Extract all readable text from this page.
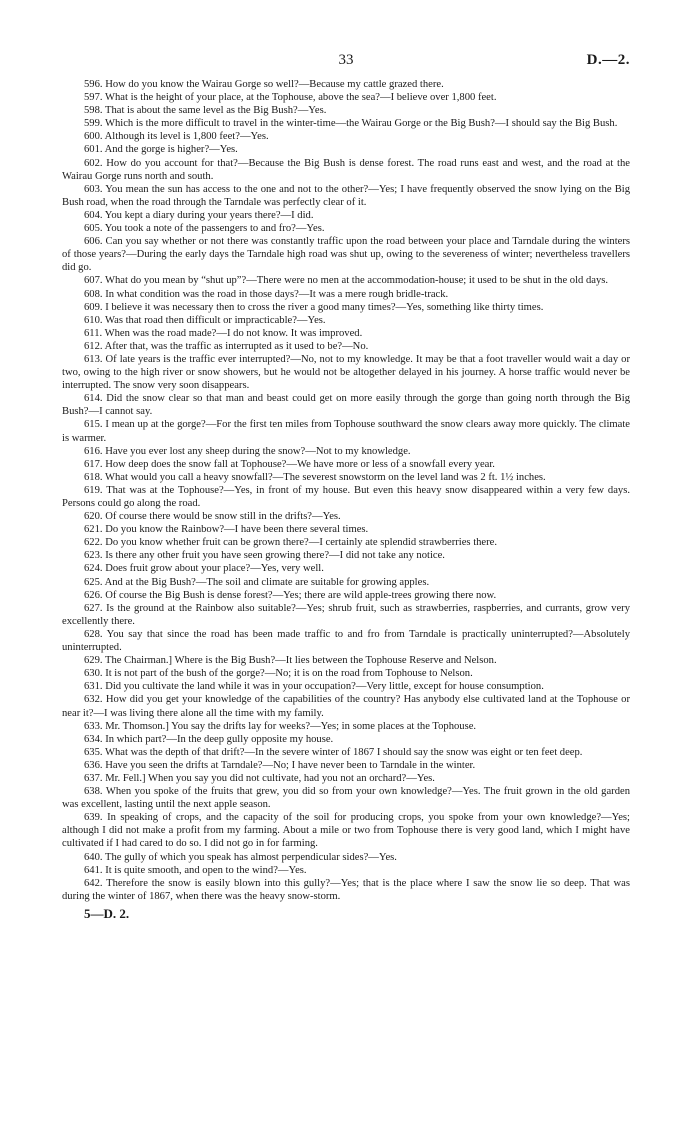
33	D.—2.

596. How do you know the Wairau Gorge so well?—Because my cattle grazed there.

597. What is the height of your place, at the Tophouse, above the sea?—I believe over 1,800 feet.

598. That is about the same level as the Big Bush?—Yes.

599. Which is the more difficult to travel in the winter-time—the Wairau Gorge or the Big Bush?—I should say the Big Bush.

600. Although its level is 1,800 feet?—Yes.

601. And the gorge is higher?—Yes.

602. How do you account for that?—Because the Big Bush is dense forest. The road runs east and west, and the road at the Wairau Gorge runs north and south.

603. You mean the sun has access to the one and not to the other?—Yes; I have frequently observed the snow lying on the Big Bush road, when the road through the Tarndale was perfectly clear of it.

604. You kept a diary during your years there?—I did.

605. You took a note of the passengers to and fro?—Yes.

606. Can you say whether or not there was constantly traffic upon the road between your place and Tarndale during the winters of those years?—During the early days the Tarndale high road was shut up, owing to the severeness of winter; nevertheless travellers did go.

607. What do you mean by “shut up”?—There were no men at the accommodation-house; it used to be shut in the old days.

608. In what condition was the road in those days?—It was a mere rough bridle-track.

609. I believe it was necessary then to cross the river a good many times?—Yes, something like thirty times.

610. Was that road then difficult or impracticable?—Yes.

611. When was the road made?—I do not know. It was improved.

612. After that, was the traffic as interrupted as it used to be?—No.

613. Of late years is the traffic ever interrupted?—No, not to my knowledge. It may be that a foot traveller would wait a day or two, owing to the high river or snow showers, but he would not be altogether delayed in his journey. A horse traffic would never be interrupted. The snow very soon disappears.

614. Did the snow clear so that man and beast could get on more easily through the gorge than going north through the Big Bush?—I cannot say.

615. I mean up at the gorge?—For the first ten miles from Tophouse southward the snow clears away more quickly. The climate is warmer.

616. Have you ever lost any sheep during the snow?—Not to my knowledge.

617. How deep does the snow fall at Tophouse?—We have more or less of a snowfall every year.

618. What would you call a heavy snowfall?—The severest snowstorm on the level land was 2 ft. 1½ inches.

619. That was at the Tophouse?—Yes, in front of my house. But even this heavy snow disappeared within a very few days. Persons could go along the road.

620. Of course there would be snow still in the drifts?—Yes.

621. Do you know the Rainbow?—I have been there several times.

622. Do you know whether fruit can be grown there?—I certainly ate splendid strawberries there.

623. Is there any other fruit you have seen growing there?—I did not take any notice.

624. Does fruit grow about your place?—Yes, very well.

625. And at the Big Bush?—The soil and climate are suitable for growing apples.

626. Of course the Big Bush is dense forest?—Yes; there are wild apple-trees growing there now.

627. Is the ground at the Rainbow also suitable?—Yes; shrub fruit, such as strawberries, raspberries, and currants, grow very excellently there.

628. You say that since the road has been made traffic to and fro from Tarndale is practically uninterrupted?—Absolutely uninterrupted.

629. The Chairman.] Where is the Big Bush?—It lies between the Tophouse Reserve and Nelson.

630. It is not part of the bush of the gorge?—No; it is on the road from Tophouse to Nelson.

631. Did you cultivate the land while it was in your occupation?—Very little, except for house consumption.

632. How did you get your knowledge of the capabilities of the country? Has anybody else cultivated land at the Tophouse or near it?—I was living there alone all the time with my family.

633. Mr. Thomson.] You say the drifts lay for weeks?—Yes; in some places at the Tophouse.

634. In which part?—In the deep gully opposite my house.

635. What was the depth of that drift?—In the severe winter of 1867 I should say the snow was eight or ten feet deep.

636. Have you seen the drifts at Tarndale?—No; I have never been to Tarndale in the winter.

637. Mr. Fell.] When you say you did not cultivate, had you not an orchard?—Yes.

638. When you spoke of the fruits that grew, you did so from your own knowledge?—Yes. The fruit grown in the old garden was excellent, lasting until the next apple season.

639. In speaking of crops, and the capacity of the soil for producing crops, you spoke from your own knowledge?—Yes; although I did not make a profit from my farming. About a mile or two from Tophouse there is very good land, which I might have cultivated if I had cared to do so. I did not go in for farming.

640. The gully of which you speak has almost perpendicular sides?—Yes.

641. It is quite smooth, and open to the wind?—Yes.

642. Therefore the snow is easily blown into this gully?—Yes; that is the place where I saw the snow lie so deep. That was during the winter of 1867, when there was the heavy snow-storm.

5—D. 2.
